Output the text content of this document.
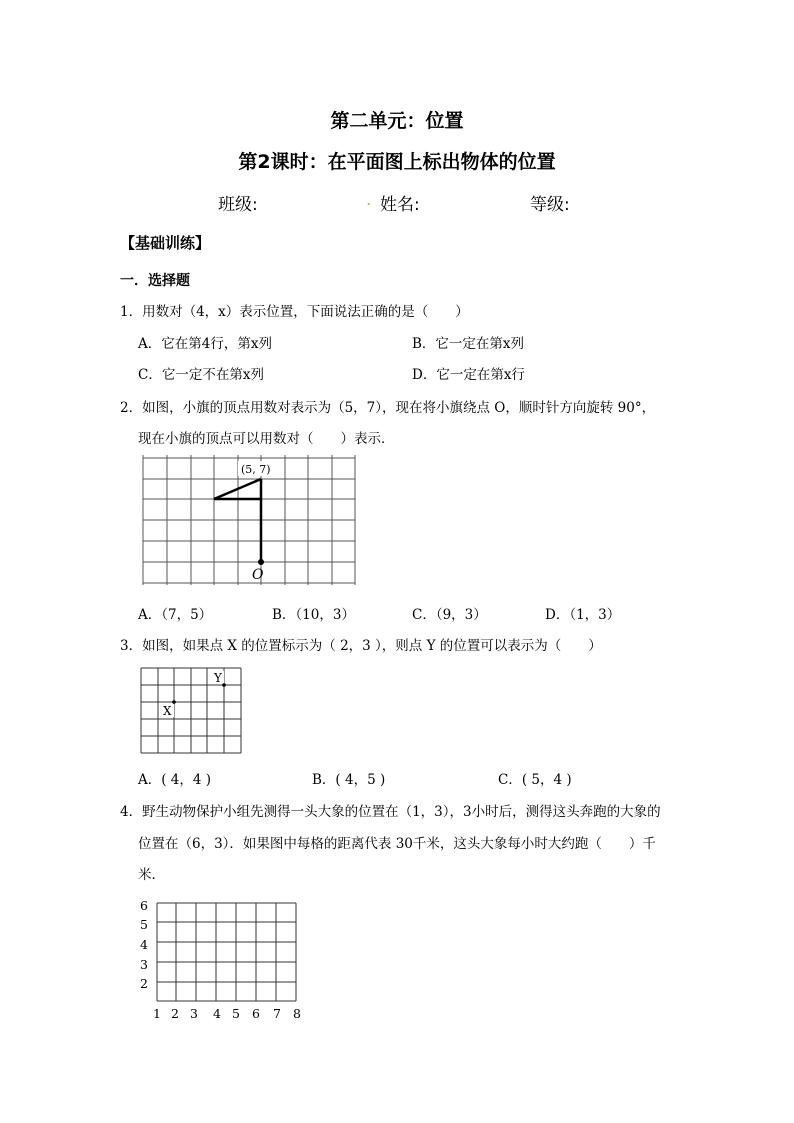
第二单元：位置
第2课时：在平面图上标出物体的位置
班级:	. 姓名:	等级:
【基础训练】
一．选择题
1．用数对（4，x）表示位置，下面说法正确的是（　　）
A．它在第4行，第x列	B．它一定在第x列
C．它一定不在第x列	D．它一定在第x行
2．如图，小旗的顶点用数对表示为（5，7），现在将小旗绕点 O，顺时针方向旋转 90°，
现在小旗的顶点可以用数对（　　）表示．
(5, 7)
O
A．（7，5）	B．（10，3）	C．（9，3）	D．（1，3）
3．如图，如果点 X 的位置标示为（ 2，3 ），则点 Y 的位置可以表示为（　　）
X
Y
A．( 4，4 )	B．( 4，5 )	C．( 5，4 )
4．野生动物保护小组先测得一头大象的位置在（1，3），3小时后，测得这头奔跑的大象的
位置在（6，3）．如果图中每格的距离代表 30千米，这头大象每小时大约跑（　　）千
米．
6
5
4
3
2
1 2 3 4 5 6 7 8
